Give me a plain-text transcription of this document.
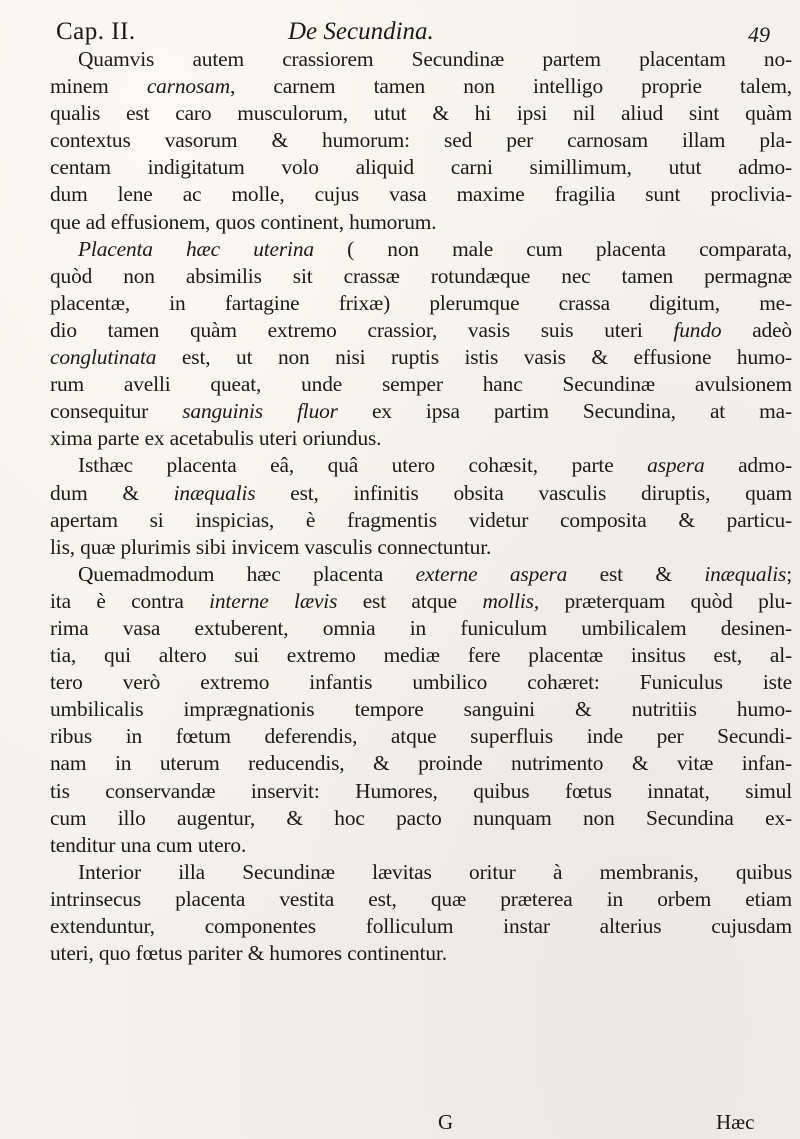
Cap. II.	De Secundina.	49
Quamvis autem crassiorem Secundinæ partem placentam no-
minem carnosam, carnem tamen non intelligo proprie talem,
qualis est caro musculorum, utut & hi ipsi nil aliud sint quàm
contextus vasorum & humorum: sed per carnosam illam pla-
centam indigitatum volo aliquid carni simillimum, utut admo-
dum lene ac molle, cujus vasa maxime fragilia sunt proclivia-
que ad effusionem, quos continent, humorum.
Placenta hæc uterina ( non male cum placenta comparata,
quòd non absimilis sit crassæ rotundæque nec tamen permagnæ
placentæ, in fartagine frixæ) plerumque crassa digitum, me-
dio tamen quàm extremo crassior, vasis suis uteri fundo adeò
conglutinata est, ut non nisi ruptis istis vasis & effusione humo-
rum avelli queat, unde semper hanc Secundinæ avulsionem
consequitur sanguinis fluor ex ipsa partim Secundina, at ma-
xima parte ex acetabulis uteri oriundus.
Isthæc placenta eâ, quâ utero cohæsit, parte aspera admo-
dum & inæqualis est, infinitis obsita vasculis diruptis, quam
apertam si inspicias, è fragmentis videtur composita & particu-
lis, quæ plurimis sibi invicem vasculis connectuntur.
Quemadmodum hæc placenta externe aspera est & inæqualis;
ita è contra interne lævis est atque mollis, præterquam quòd plu-
rima vasa extuberent, omnia in funiculum umbilicalem desinen-
tia, qui altero sui extremo mediæ fere placentæ insitus est, al-
tero verò extremo infantis umbilico cohæret: Funiculus iste
umbilicalis imprægnationis tempore sanguini & nutritiis humo-
ribus in fœtum deferendis, atque superfluis inde per Secundi-
nam in uterum reducendis, & proinde nutrimento & vitæ infan-
tis conservandæ inservit: Humores, quibus fœtus innatat, simul
cum illo augentur, & hoc pacto nunquam non Secundina ex-
tenditur una cum utero.
Interior illa Secundinæ lævitas oritur à membranis, quibus
intrinsecus placenta vestita est, quæ præterea in orbem etiam
extenduntur, componentes folliculum instar alterius cujusdam
uteri, quo fœtus pariter & humores continentur.
G	Hæc
